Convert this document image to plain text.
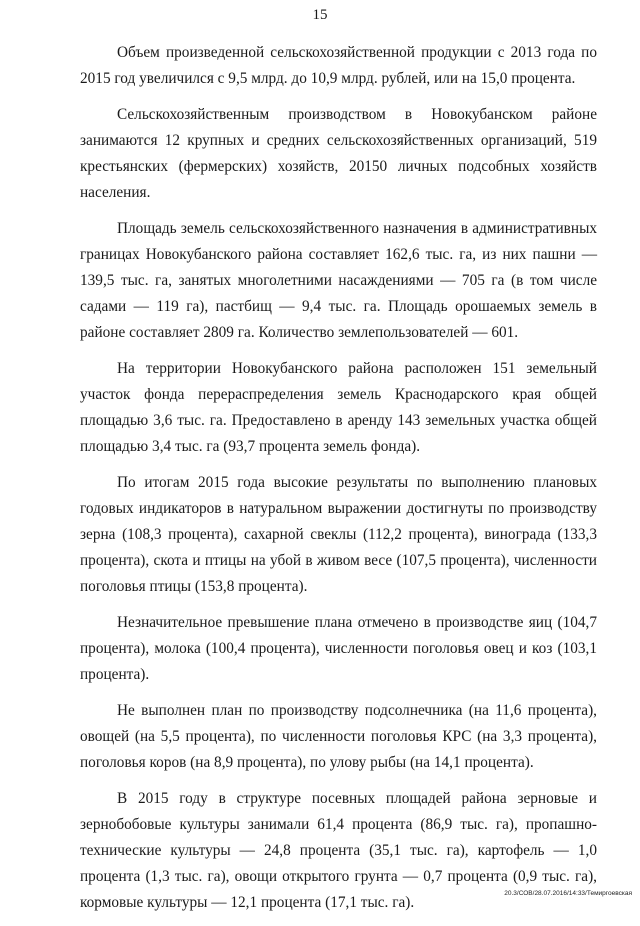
15

Объем произведенной сельскохозяйственной продукции с 2013 года по 2015 год увеличился с 9,5 млрд. до 10,9 млрд. рублей, или на 15,0 процента.

Сельскохозяйственным производством в Новокубанском районе занимаются 12 крупных и средних сельскохозяйственных организаций, 519 крестьянских (фермерских) хозяйств, 20150 личных подсобных хозяйств населения.

Площадь земель сельскохозяйственного назначения в административных границах Новокубанского района составляет 162,6 тыс. га, из них пашни — 139,5 тыс. га, занятых многолетними насаждениями — 705 га (в том числе садами — 119 га), пастбищ — 9,4 тыс. га. Площадь орошаемых земель в районе составляет 2809 га. Количество землепользователей — 601.

На территории Новокубанского района расположен 151 земельный участок фонда перераспределения земель Краснодарского края общей площадью 3,6 тыс. га. Предоставлено в аренду 143 земельных участка общей площадью 3,4 тыс. га (93,7 процента земель фонда).

По итогам 2015 года высокие результаты по выполнению плановых годовых индикаторов в натуральном выражении достигнуты по производству зерна (108,3 процента), сахарной свеклы (112,2 процента), винограда (133,3 процента), скота и птицы на убой в живом весе (107,5 процента), численности поголовья птицы (153,8 процента).

Незначительное превышение плана отмечено в производстве яиц (104,7 процента), молока (100,4 процента), численности поголовья овец и коз (103,1 процента).

Не выполнен план по производству подсолнечника (на 11,6 процента), овощей (на 5,5 процента), по численности поголовья КРС (на 3,3 процента), поголовья коров (на 8,9 процента), по улову рыбы (на 14,1 процента).

В 2015 году в структуре посевных площадей района зерновые и зернобобовые культуры занимали 61,4 процента (86,9 тыс. га), пропашно-технические культуры — 24,8 процента (35,1 тыс. га), картофель — 1,0 процента (1,3 тыс. га), овощи открытого грунта — 0,7 процента (0,9 тыс. га), кормовые культуры — 12,1 процента (17,1 тыс. га).

20.3/СОВ/28.07.2016/14:33/Темиргоевская
